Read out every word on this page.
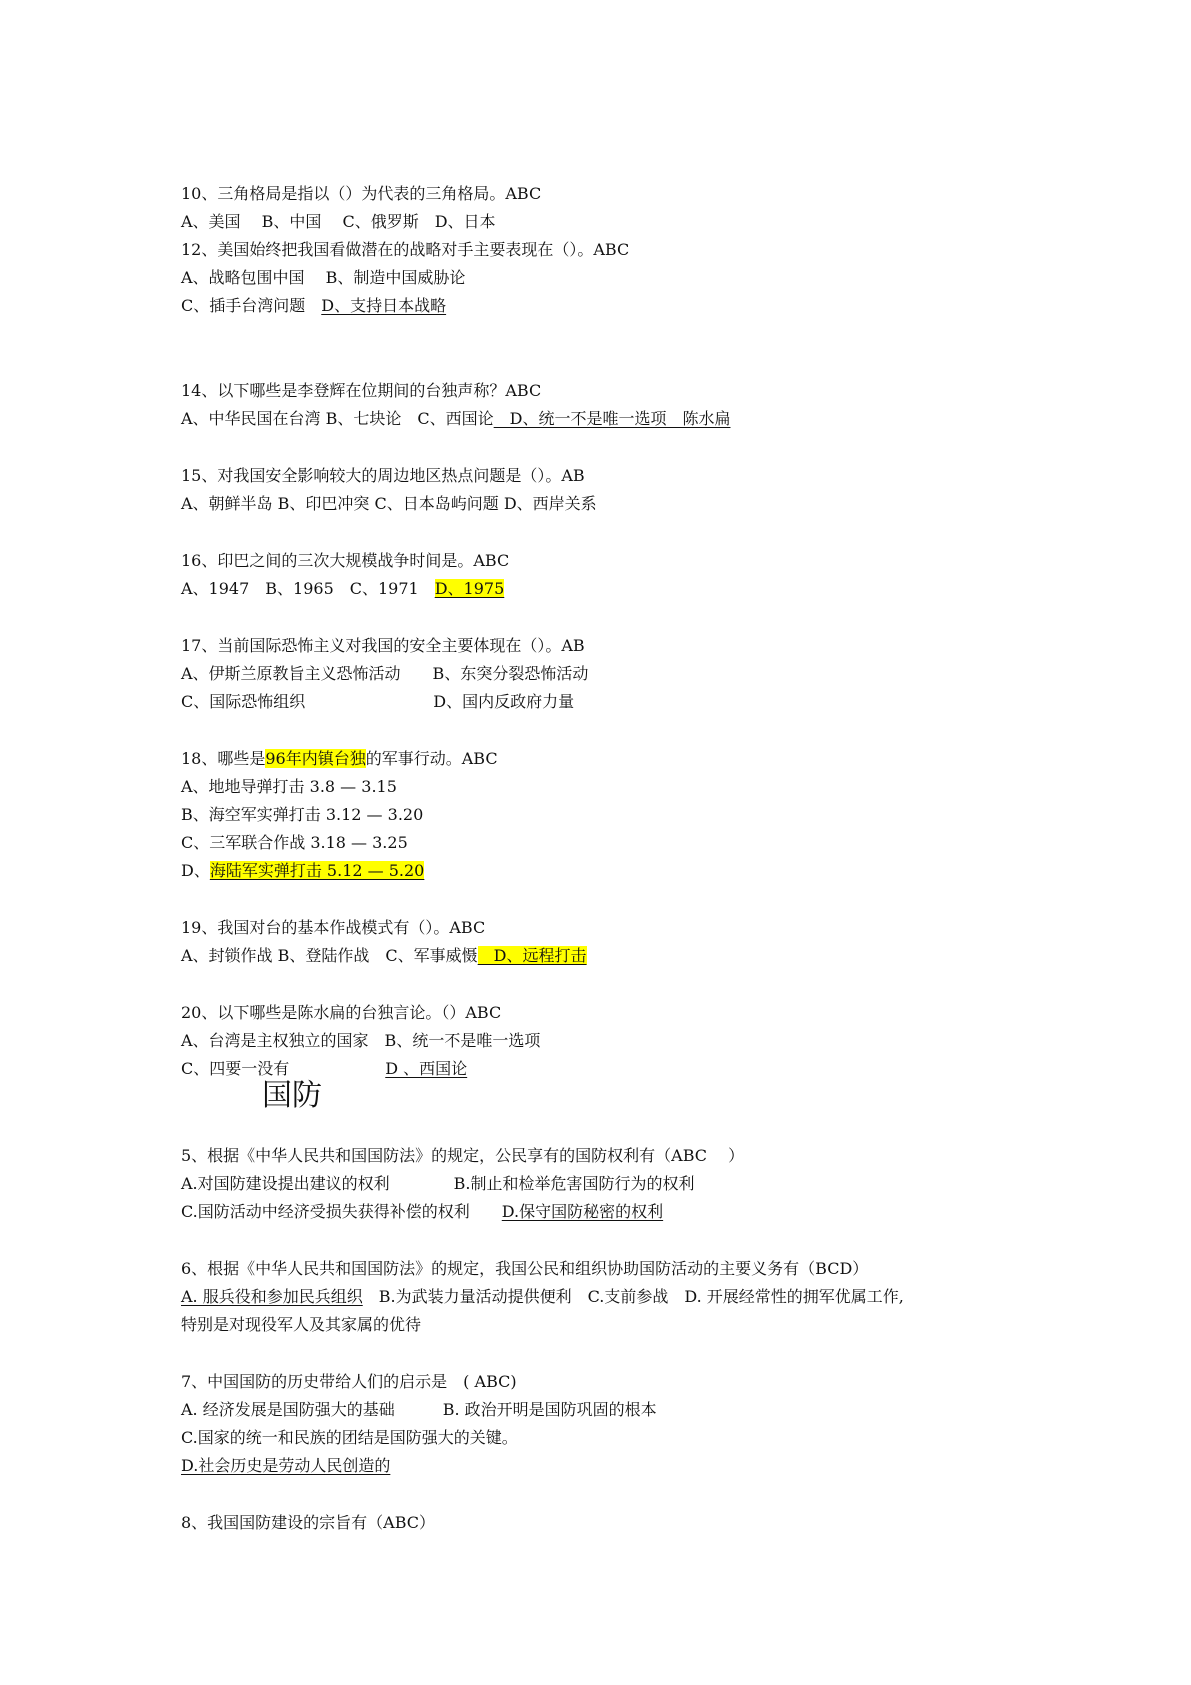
10、三角格局是指以（）为代表的三角格局。ABC
A、美国　 B、中国　 C、俄罗斯　D、日本
12、美国始终把我国看做潜在的战略对手主要表现在（）。ABC
A、战略包围中国　 B、制造中国威胁论
C、插手台湾问题　D、支持日本战略
14、以下哪些是李登辉在位期间的台独声称？ABC
A、中华民国在台湾 B、七块论　C、西国论　D、统一不是唯一选项　陈水扁
15、对我国安全影响较大的周边地区热点问题是（）。AB
A、朝鲜半岛 B、印巴冲突 C、日本岛屿问题 D、西岸关系
16、印巴之间的三次大规模战争时间是。ABC
A、1947　B、1965　C、1971　D、1975
17、当前国际恐怖主义对我国的安全主要体现在（）。AB
A、伊斯兰原教旨主义恐怖活动　　B、东突分裂恐怖活动
C、国际恐怖组织　　　　　　　　D、国内反政府力量
18、哪些是96年内镇台独的军事行动。ABC
A、地地导弹打击 3.8 — 3.15
B、海空军实弹打击 3.12 — 3.20
C、三军联合作战 3.18 — 3.25
D、海陆军实弹打击 5.12 — 5.20
19、我国对台的基本作战模式有（）。ABC
A、封锁作战 B、登陆作战　C、军事威慑　D、远程打击
20、以下哪些是陈水扁的台独言论。（）ABC
A、台湾是主权独立的国家　B、统一不是唯一选项
C、四要一没有　　　　　　D 、西国论
国防
5、根据《中华人民共和国国防法》的规定，公民享有的国防权利有（ABC　 ）
A.对国防建设提出建议的权利　　　　B.制止和检举危害国防行为的权利
C.国防活动中经济受损失获得补偿的权利　　D.保守国防秘密的权利
6、根据《中华人民共和国国防法》的规定，我国公民和组织协助国防活动的主要义务有（BCD）
A. 服兵役和参加民兵组织　B.为武装力量活动提供便利　C.支前参战　D. 开展经常性的拥军优属工作,
特别是对现役军人及其家属的优待
7、中国国防的历史带给人们的启示是　( ABC)
A. 经济发展是国防强大的基础　　　B. 政治开明是国防巩固的根本
C.国家的统一和民族的团结是国防强大的关键。
D.社会历史是劳动人民创造的
8、我国国防建设的宗旨有（ABC）
